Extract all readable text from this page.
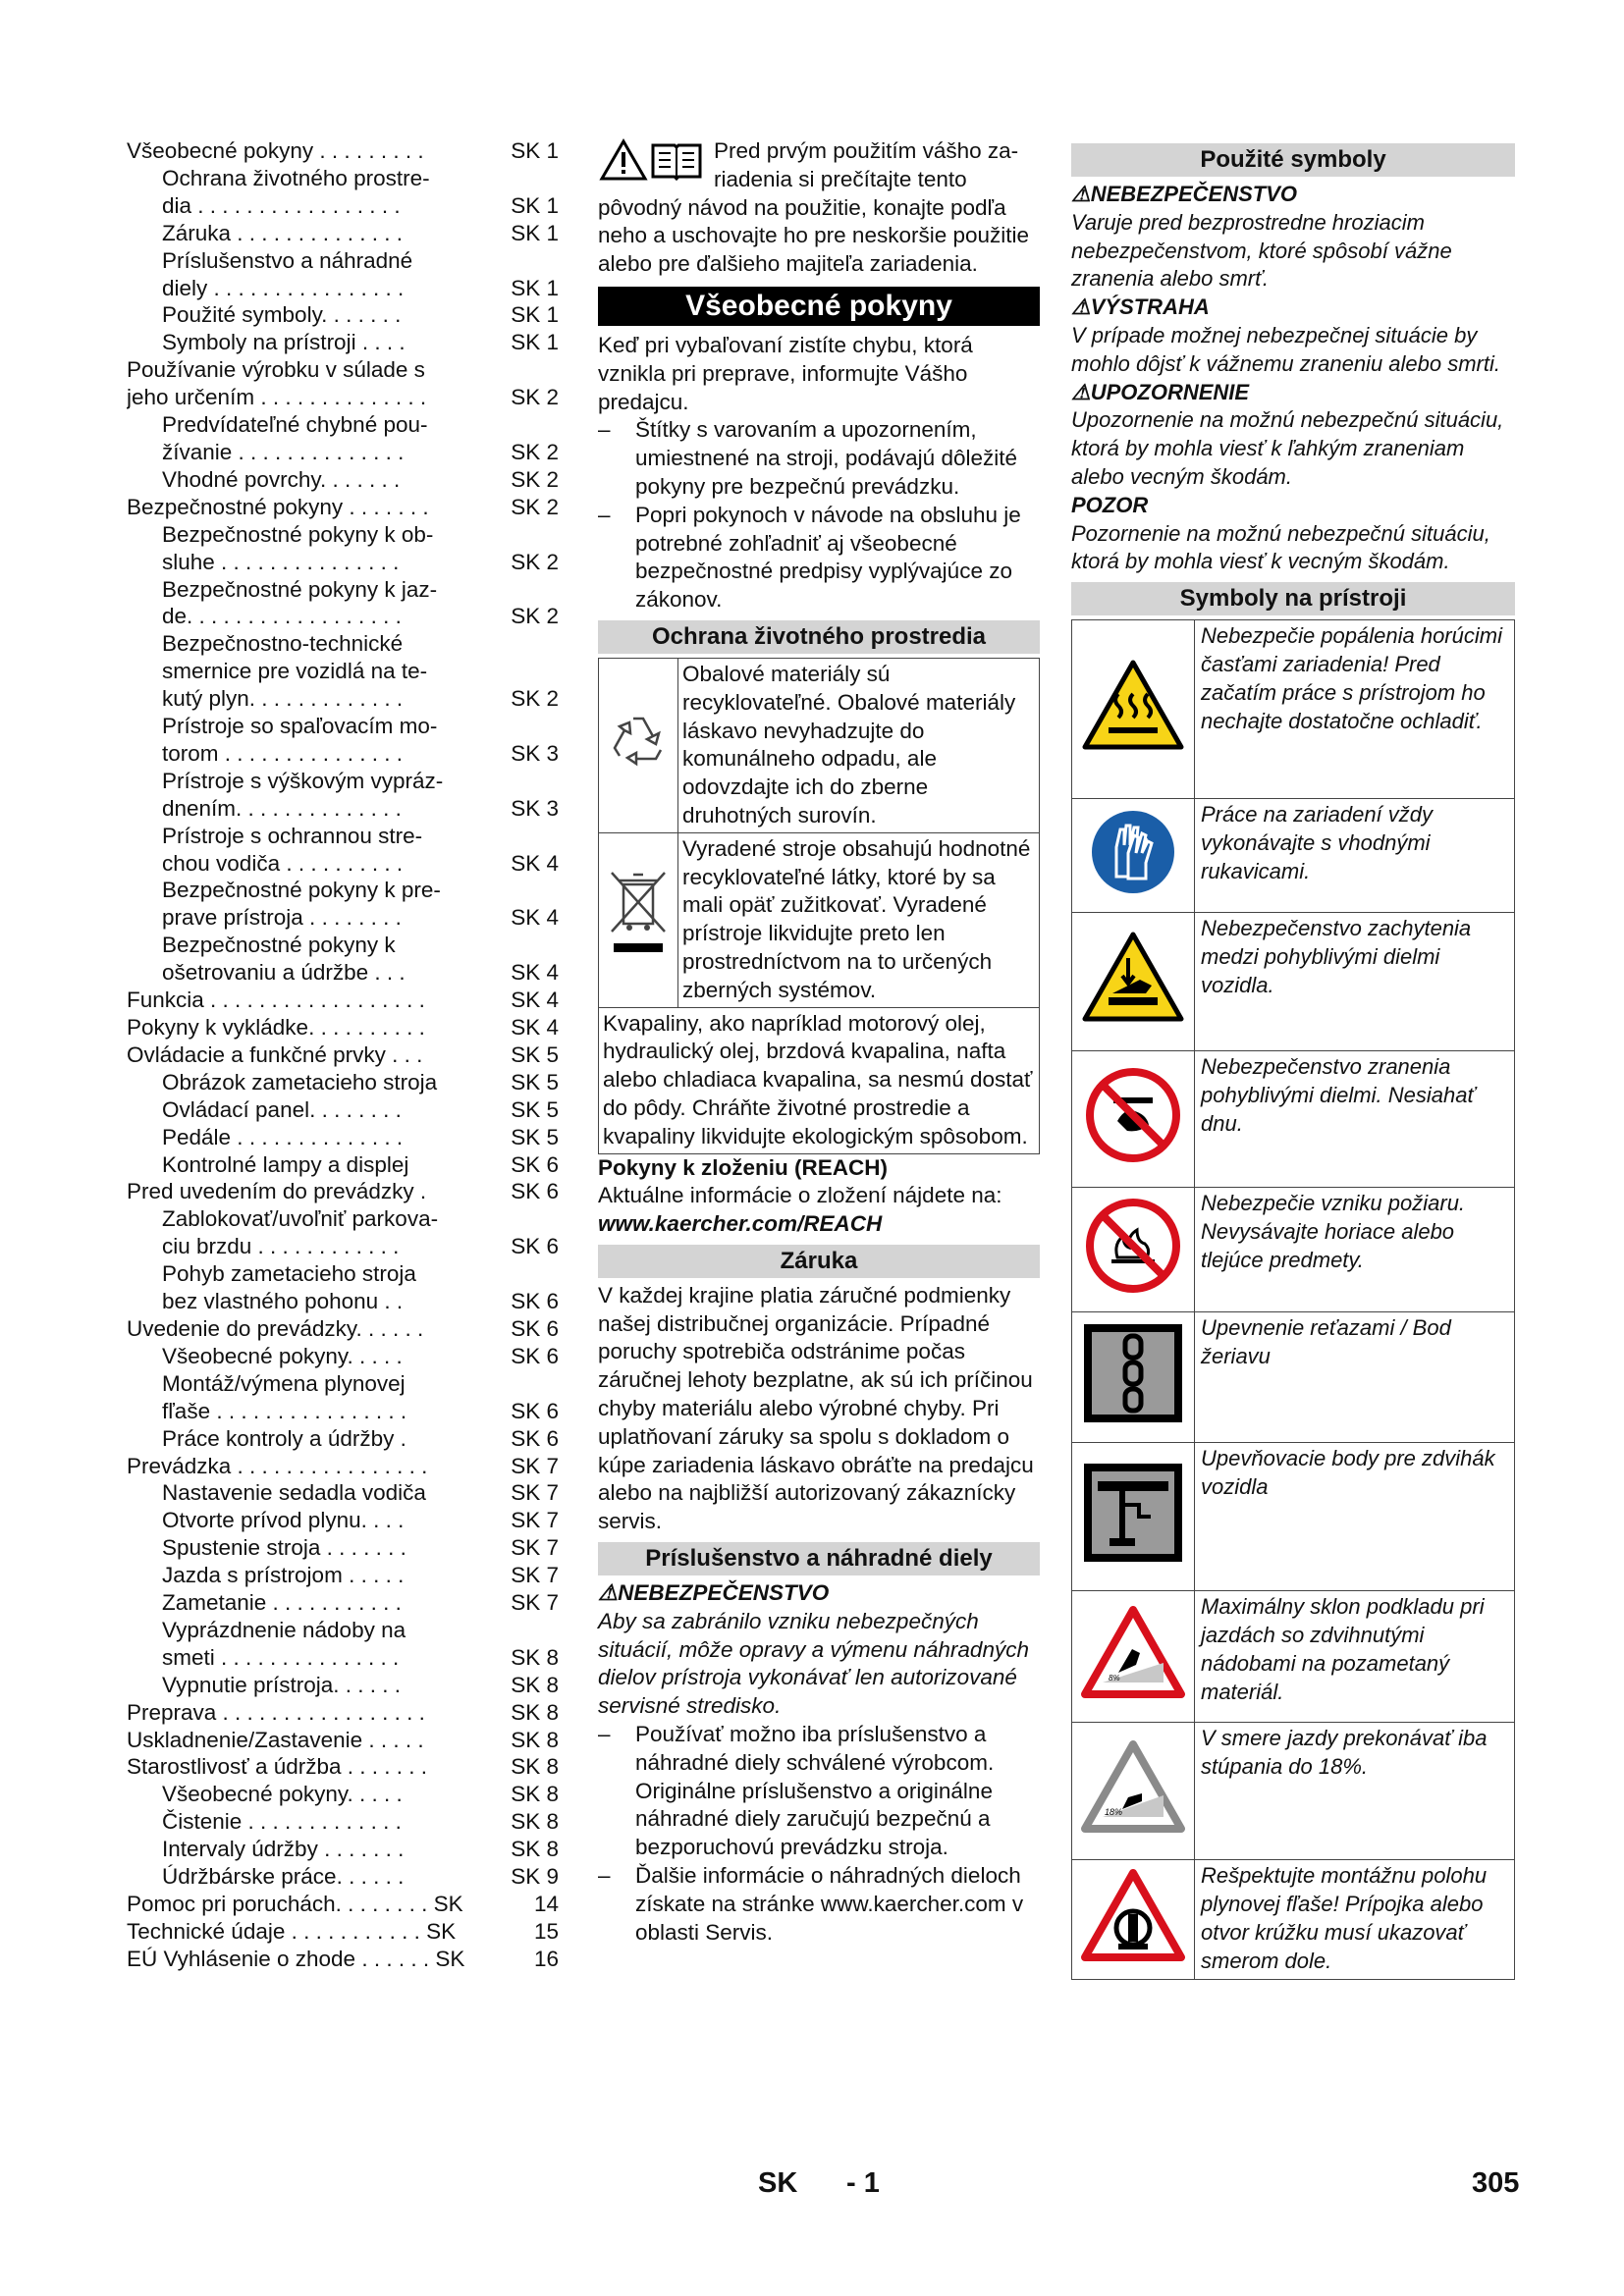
Všeobecné pokyny . . . . . . . . .	SK 1
Ochrana životného prostre-
dia . . . . . . . . . . . . . . . . .	SK 1
Záruka . . . . . . . . . . . . . .	SK 1
Príslušenstvo a náhradné
diely . . . . . . . . . . . . . . . .	SK 1
Použité symboly. . . . . . .	SK 1
Symboly na prístroji . . . .	SK 1
Používanie výrobku v súlade s
jeho určením . . . . . . . . . . . . . .	SK 2
Predvídateľné chybné pou-
žívanie . . . . . . . . . . . . . .	SK 2
Vhodné povrchy. . . . . . .	SK 2
Bezpečnostné pokyny . . . . . . .	SK 2
Bezpečnostné pokyny k ob-
sluhe . . . . . . . . . . . . . . .	SK 2
Bezpečnostné pokyny k jaz-
de. . . . . . . . . . . . . . . . . .	SK 2
Bezpečnostno-technické
smernice pre vozidlá na te-
kutý plyn. . . . . . . . . . . . .	SK 2
Prístroje so spaľovacím mo-
torom . . . . . . . . . . . . . . .	SK 3
Prístroje s výškovým vypráz-
dnením. . . . . . . . . . . . . .	SK 3
Prístroje s ochrannou stre-
chou vodiča . . . . . . . . . .	SK 4
Bezpečnostné pokyny k pre-
prave prístroja . . . . . . . .	SK 4
Bezpečnostné pokyny k
ošetrovaniu a údržbe . . .	SK 4
Funkcia . . . . . . . . . . . . . . . . . .	SK 4
Pokyny k vykládke. . . . . . . . . .	SK 4
Ovládacie a funkčné prvky . . .	SK 5
Obrázok zametacieho stroja	SK 5
Ovládací panel. . . . . . . .	SK 5
Pedále . . . . . . . . . . . . . .	SK 5
Kontrolné lampy a displej	SK 6
Pred uvedením do prevádzky .	SK 6
Zablokovať/uvoľniť parkova-
ciu brzdu . . . . . . . . . . . .	SK 6
Pohyb zametacieho stroja
bez vlastného pohonu . .	SK 6
Uvedenie do prevádzky. . . . . .	SK 6
Všeobecné pokyny. . . . .	SK 6
Montáž/výmena plynovej
fľaše . . . . . . . . . . . . . . . .	SK 6
Práce kontroly a údržby .	SK 6
Prevádzka . . . . . . . . . . . . . . . .	SK 7
Nastavenie sedadla vodiča	SK 7
Otvorte prívod plynu. . . .	SK 7
Spustenie stroja . . . . . . .	SK 7
Jazda s prístrojom . . . . .	SK 7
Zametanie . . . . . . . . . . .	SK 7
Vyprázdnenie nádoby na
smeti . . . . . . . . . . . . . . .	SK 8
Vypnutie prístroja. . . . . .	SK 8
Preprava . . . . . . . . . . . . . . . . .	SK 8
Uskladnenie/Zastavenie . . . . .	SK 8
Starostlivosť a údržba . . . . . . .	SK 8
Všeobecné pokyny. . . . .	SK 8
Čistenie . . . . . . . . . . . . .	SK 8
Intervaly údržby . . . . . . .	SK 8
Údržbárske práce. . . . . .	SK 9
Pomoc pri poruchách. . . . . . . . SK	14
Technické údaje . . . . . . . . . . . SK	15
EÚ Vyhlásenie o zhode . . . . . . SK	16
Pred prvým použitím vášho za-riadenia si prečítajte tento pôvodný návod na použitie, konajte podľa neho a uschovajte ho pre neskoršie použitie alebo pre ďalšieho majiteľa zariadenia.
Všeobecné pokyny
Keď pri vybaľovaní zistíte chybu, ktorá vznikla pri preprave, informujte Vášho predajcu.
–	Štítky s varovaním a upozornením, umiestnené na stroji, podávajú dôležité pokyny pre bezpečnú prevádzku.
–	Popri pokynoch v návode na obsluhu je potrebné zohľadniť aj všeobecné bezpečnostné predpisy vyplývajúce zo zákonov.
Ochrana životného prostredia
	Obalové materiály sú recyklovateľné. Obalové materiály láskavo nevyhadzujte do komunálneho odpadu, ale odovzdajte ich do zberne druhotných surovín.
	Vyradené stroje obsahujú hodnotné recyklovateľné látky, ktoré by sa mali opäť zužitkovať. Vyradené prístroje likvidujte preto len prostredníctvom na to určených zberných systémov.
Kvapaliny, ako napríklad motorový olej, hydraulický olej, brzdová kvapalina, nafta alebo chladiaca kvapalina, sa nesmú dostať do pôdy. Chráňte životné prostredie a kvapaliny likvidujte ekologickým spôsobom.	
Pokyny k zloženiu (REACH)
Aktuálne informácie o zložení nájdete na:
www.kaercher.com/REACH
Záruka
V každej krajine platia záručné podmienky našej distribučnej organizácie. Prípadné poruchy spotrebiča odstránime počas záručnej lehoty bezplatne, ak sú ich príčinou chyby materiálu alebo výrobné chyby. Pri uplatňovaní záruky sa spolu s dokladom o kúpe zariadenia láskavo obráťte na predajcu alebo na najbližší autorizovaný zákaznícky servis.
Príslušenstvo a náhradné diely
⚠NEBEZPEČENSTVO
Aby sa zabránilo vzniku nebezpečných situácií, môže opravy a výmenu náhradných dielov prístroja vykonávať len autorizované servisné stredisko.
–	Používať možno iba príslušenstvo a náhradné diely schválené výrobcom. Originálne príslušenstvo a originálne náhradné diely zaručujú bezpečnú a bezporuchovú prevádzku stroja.
–	Ďalšie informácie o náhradných dieloch získate na stránke www.kaercher.com v oblasti Servis.
Použité symboly
⚠NEBEZPEČENSTVO
Varuje pred bezprostredne hroziacim nebezpečenstvom, ktoré spôsobí vážne zranenia alebo smrť.
⚠VÝSTRAHA
V prípade možnej nebezpečnej situácie by mohlo dôjsť k vážnemu zraneniu alebo smrti.
⚠UPOZORNENIE
Upozornenie na možnú nebezpečnú situáciu, ktorá by mohla viesť k ľahkým zraneniam alebo vecným škodám.
POZOR
Pozornenie na možnú nebezpečnú situáciu, ktorá by mohla viesť k vecným škodám.
Symboly na prístroji
	Nebezpečie popálenia horúcimi časťami zariadenia! Pred začatím práce s prístrojom ho nechajte dostatočne ochladiť.
	Práce na zariadení vždy vykonávajte s vhodnými rukavicami.
	Nebezpečenstvo zachytenia medzi pohyblivými dielmi vozidla.
	Nebezpečenstvo zranenia pohyblivými dielmi. Nesiahať dnu.
	Nebezpečie vzniku požiaru. Nevysávajte horiace alebo tlejúce predmety.
	Upevnenie reťazami / Bod žeriavu
	Upevňovacie body pre zdvihák vozidla

8%	Maximálny sklon podkladu pri jazdách so zdvihnutými nádobami na pozametaný materiál.

18%	V smere jazdy prekonávať iba stúpania do 18%.
	Rešpektujte montážnu polohu plynovej fľaše! Prípojka alebo otvor krúžku musí ukazovať smerom dole.
SK - 1	305
